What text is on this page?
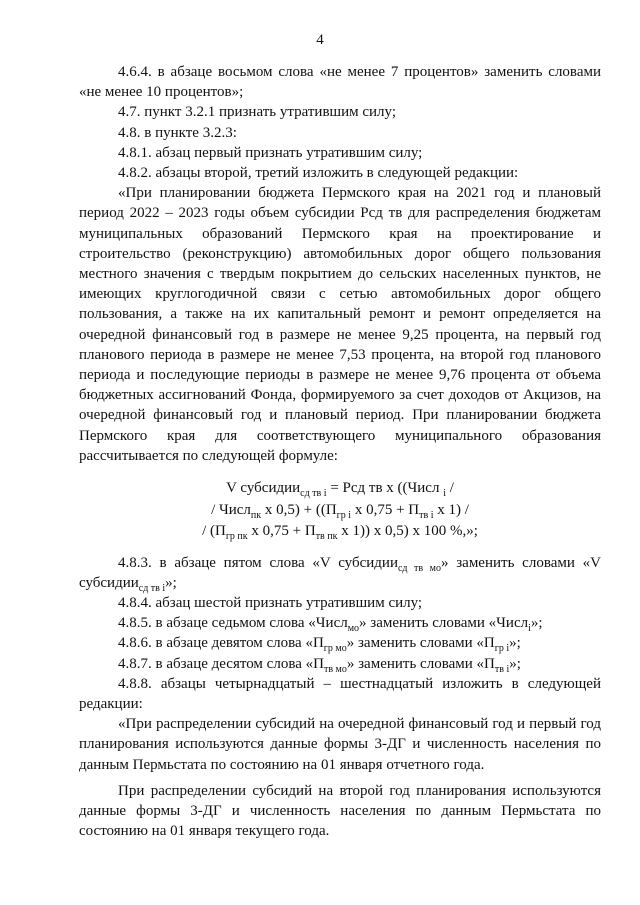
4

4.6.4. в абзаце восьмом слова «не менее 7 процентов» заменить словами «не менее 10 процентов»;

4.7. пункт 3.2.1 признать утратившим силу;

4.8. в пункте 3.2.3:

4.8.1. абзац первый признать утратившим силу;

4.8.2. абзацы второй, третий изложить в следующей редакции:

«При планировании бюджета Пермского края на 2021 год и плановый период 2022 – 2023 годы объем субсидии Рсд тв для распределения бюджетам муниципальных образований Пермского края на проектирование и строительство (реконструкцию) автомобильных дорог общего пользования местного значения с твердым покрытием до сельских населенных пунктов, не имеющих круглогодичной связи с сетью автомобильных дорог общего пользования, а также на их капитальный ремонт и ремонт определяется на очередной финансовый год в размере не менее 9,25 процента, на первый год планового периода в размере не менее 7,53 процента, на второй год планового периода и последующие периоды в размере не менее 9,76 процента от объема бюджетных ассигнований Фонда, формируемого за счет доходов от Акцизов, на очередной финансовый год и плановый период. При планировании бюджета Пермского края для соответствующего муниципального образования рассчитывается по следующей формуле:

V субсидии$_{сд тв i}$ = Рсд тв х ((Числ $_i$ /
/ Числ$_{пк}$ х $0,5) + ((П_{гр i}$ х $0,75 + П_{тв i}$ х 1) /
/ ($П_{гр пк}$ х $0,75 + П_{тв пк}$ х 1)) х 0,5) х 100 %,»;

4.8.3. в абзаце пятом слова «V субсидии$_{сд тв мо}$» заменить словами «V субсидии$_{сд тв i}$»;

4.8.4. абзац шестой признать утратившим силу;

4.8.5. в абзаце седьмом слова «Числ$_{мо}$» заменить словами «Числ$_i$»;

4.8.6. в абзаце девятом слова «$П_{гр мо}$» заменить словами «$П_{гр i}$»;

4.8.7. в абзаце десятом слова «$П_{тв мо}$» заменить словами «$П_{тв i}$»;

4.8.8. абзацы четырнадцатый – шестнадцатый изложить в следующей редакции:

«При распределении субсидий на очередной финансовый год и первый год планирования используются данные формы 3-ДГ и численность населения по данным Пермьстата по состоянию на 01 января отчетного года.

При распределении субсидий на второй год планирования используются данные формы 3-ДГ и численность населения по данным Пермьстата по состоянию на 01 января текущего года.
